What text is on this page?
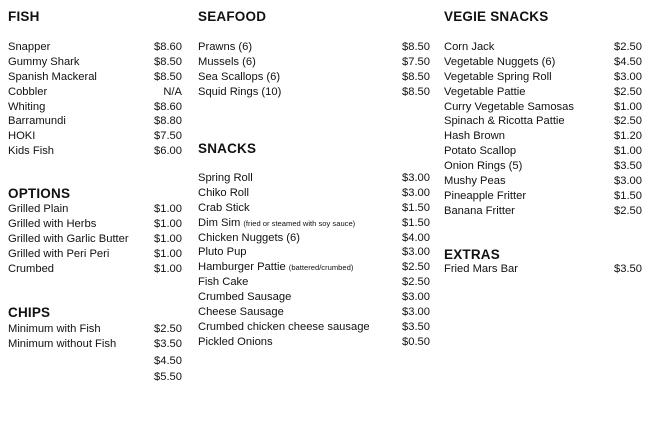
FISH
Snapper	$8.60
Gummy Shark	$8.50
Spanish Mackeral	$8.50
Cobbler	N/A
Whiting	$8.60
Barramundi	$8.80
HOKI	$7.50
Kids Fish	$6.00
OPTIONS
Grilled Plain	$1.00
Grilled with Herbs	$1.00
Grilled with Garlic Butter $1.00
Grilled with Peri Peri	$1.00
Crumbed	$1.00
CHIPS
Minimum with Fish	$2.50
Minimum without Fish	$3.50
$4.50
$5.50
SEAFOOD
Prawns (6)	$8.50
Mussels (6)	$7.50
Sea Scallops (6)	$8.50
Squid Rings (10)	$8.50
SNACKS
Spring Roll	$3.00
Chiko Roll	$3.00
Crab Stick	$1.50
Dim Sim (fried or steamed with soy sauce)	$1.50
Chicken Nuggets (6)	$4.00
Pluto Pup	$3.00
Hamburger Pattie (battered/crumbed)	$2.50
Fish Cake	$2.50
Crumbed Sausage	$3.00
Cheese Sausage	$3.00
Crumbed chicken cheese sausage	$3.50
Pickled Onions	$0.50
VEGIE SNACKS
Corn Jack	$2.50
Vegetable Nuggets (6)	$4.50
Vegetable Spring Roll	$3.00
Vegetable Pattie	$2.50
Curry Vegetable Samosas	$1.00
Spinach & Ricotta Pattie	$2.50
Hash Brown	$1.20
Potato Scallop	$1.00
Onion Rings (5)	$3.50
Mushy Peas	$3.00
Pineapple Fritter	$1.50
Banana Fritter	$2.50
EXTRAS
Fried Mars Bar	$3.50
